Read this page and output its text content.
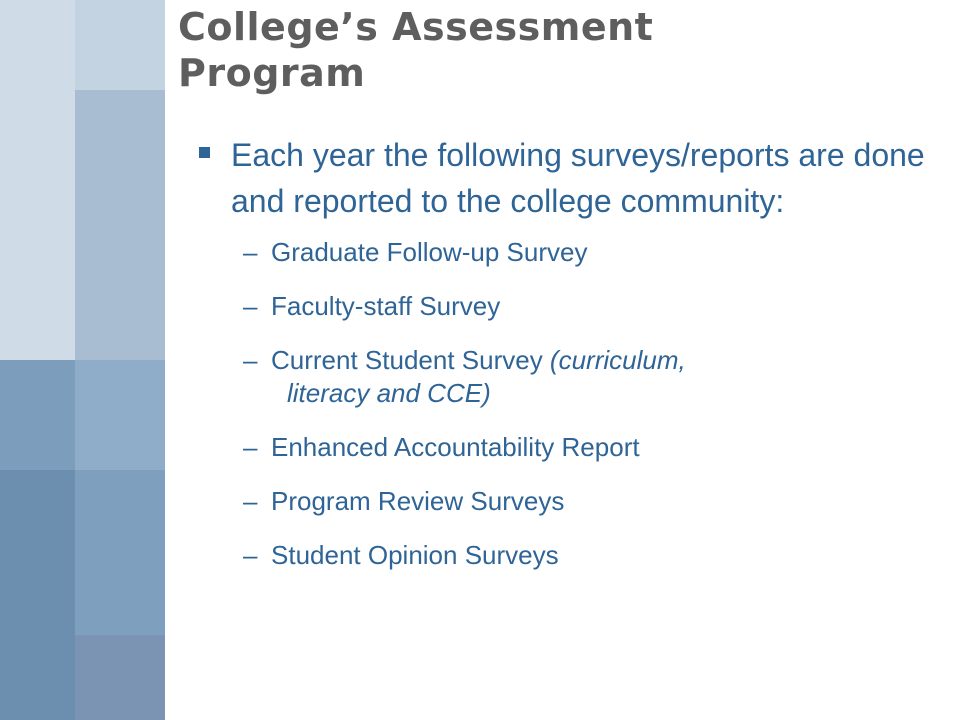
College’s Assessment
Program
Each year the following surveys/reports are done and reported to the college community:
– Graduate Follow-up Survey
– Faculty-staff Survey
– Current Student Survey (curriculum,
literacy and CCE)
– Enhanced Accountability Report
– Program Review Surveys
– Student Opinion Surveys
